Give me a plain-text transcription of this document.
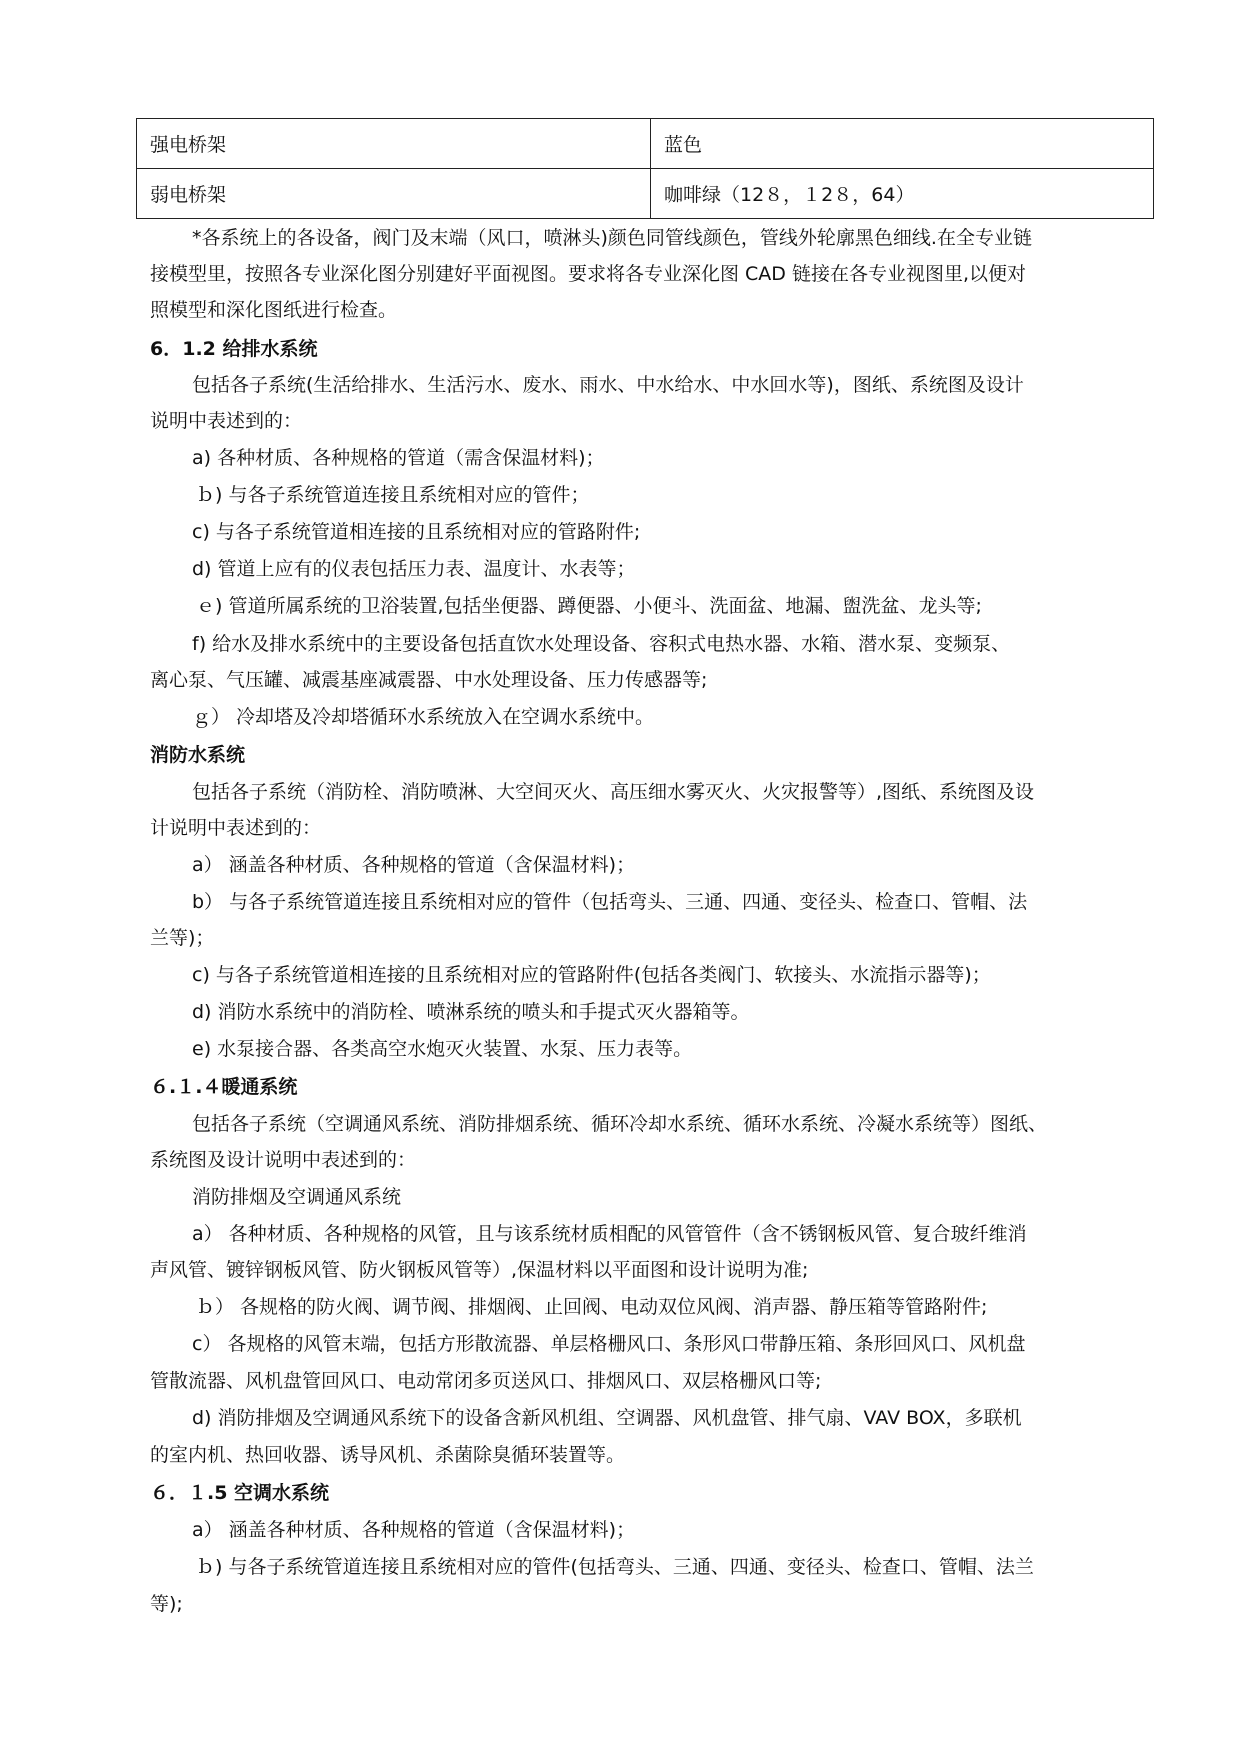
强电桥架	蓝色
弱电桥架	咖啡绿（12８，１2８，64）
*各系统上的各设备，阀门及末端（风口，喷淋头)颜色同管线颜色，管线外轮廓黑色细线.在全专业链
接模型里，按照各专业深化图分别建好平面视图。要求将各专业深化图 CAD 链接在各专业视图里,以便对
照模型和深化图纸进行检查。
6．1.2 给排水系统
包括各子系统(生活给排水、生活污水、废水、雨水、中水给水、中水回水等)，图纸、系统图及设计
说明中表述到的：
a) 各种材质、各种规格的管道（需含保温材料)；
ｂ) 与各子系统管道连接且系统相对应的管件；
c) 与各子系统管道相连接的且系统相对应的管路附件;
d) 管道上应有的仪表包括压力表、温度计、水表等；
ｅ) 管道所属系统的卫浴装置,包括坐便器、蹲便器、小便斗、洗面盆、地漏、盥洗盆、龙头等;
f) 给水及排水系统中的主要设备包括直饮水处理设备、容积式电热水器、水箱、潜水泵、变频泵、
离心泵、气压罐、减震基座减震器、中水处理设备、压力传感器等;
ｇ） 冷却塔及冷却塔循环水系统放入在空调水系统中。
消防水系统
包括各子系统（消防栓、消防喷淋、大空间灭火、高压细水雾灭火、火灾报警等）,图纸、系统图及设
计说明中表述到的：
a） 涵盖各种材质、各种规格的管道（含保温材料)；
b） 与各子系统管道连接且系统相对应的管件（包括弯头、三通、四通、变径头、检查口、管帽、法
兰等)；
c) 与各子系统管道相连接的且系统相对应的管路附件(包括各类阀门、软接头、水流指示器等)；
d) 消防水系统中的消防栓、喷淋系统的喷头和手提式灭火器箱等。
e) 水泵接合器、各类高空水炮灭火装置、水泵、压力表等。
６.１.４暖通系统
包括各子系统（空调通风系统、消防排烟系统、循环冷却水系统、循环水系统、冷凝水系统等）图纸、
系统图及设计说明中表述到的：
消防排烟及空调通风系统
a） 各种材质、各种规格的风管，且与该系统材质相配的风管管件（含不锈钢板风管、复合玻纤维消
声风管、镀锌钢板风管、防火钢板风管等）,保温材料以平面图和设计说明为准;
ｂ） 各规格的防火阀、调节阀、排烟阀、止回阀、电动双位风阀、消声器、静压箱等管路附件;
c） 各规格的风管末端，包括方形散流器、单层格栅风口、条形风口带静压箱、条形回风口、风机盘
管散流器、风机盘管回风口、电动常闭多页送风口、排烟风口、双层格栅风口等;
d) 消防排烟及空调通风系统下的设备含新风机组、空调器、风机盘管、排气扇、VAV BOX，多联机
的室内机、热回收器、诱导风机、杀菌除臭循环装置等。
６．１.5 空调水系统
a） 涵盖各种材质、各种规格的管道（含保温材料)；
ｂ) 与各子系统管道连接且系统相对应的管件(包括弯头、三通、四通、变径头、检查口、管帽、法兰
等);
